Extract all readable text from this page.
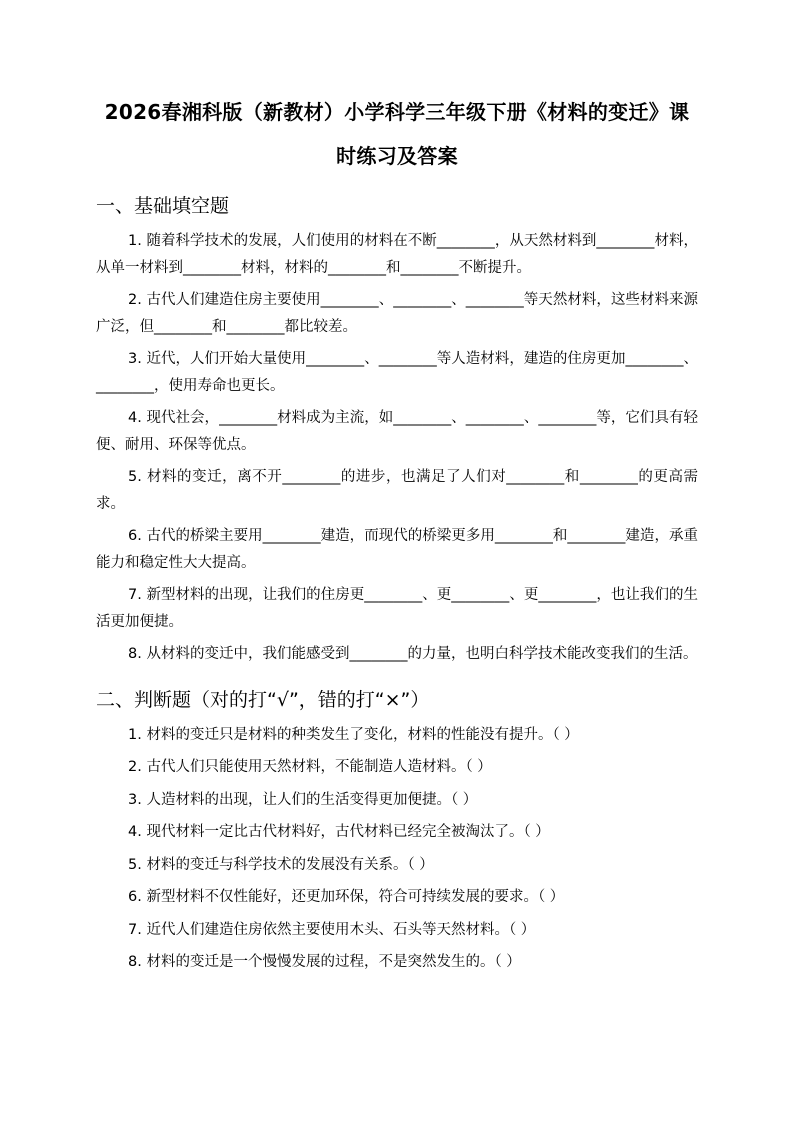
2026春湘科版（新教材）小学科学三年级下册《材料的变迁》课
时练习及答案
一、基础填空题
1. 随着科学技术的发展，人们使用的材料在不断________，从天然材料到________材料，从单一材料到________材料，材料的________和________不断提升。
2. 古代人们建造住房主要使用________、________、________等天然材料，这些材料来源广泛，但________和________都比较差。
3. 近代，人们开始大量使用________、________等人造材料，建造的住房更加________、________，使用寿命也更长。
4. 现代社会，________材料成为主流，如________、________、________等，它们具有轻便、耐用、环保等优点。
5. 材料的变迁，离不开________的进步，也满足了人们对________和________的更高需求。
6. 古代的桥梁主要用________建造，而现代的桥梁更多用________和________建造，承重能力和稳定性大大提高。
7. 新型材料的出现，让我们的住房更________、更________、更________，也让我们的生活更加便捷。
8. 从材料的变迁中，我们能感受到________的力量，也明白科学技术能改变我们的生活。
二、判断题（对的打“√”，错的打“×”）
1. 材料的变迁只是材料的种类发生了变化，材料的性能没有提升。（ ）
2. 古代人们只能使用天然材料，不能制造人造材料。（ ）
3. 人造材料的出现，让人们的生活变得更加便捷。（ ）
4. 现代材料一定比古代材料好，古代材料已经完全被淘汰了。（ ）
5. 材料的变迁与科学技术的发展没有关系。（ ）
6. 新型材料不仅性能好，还更加环保，符合可持续发展的要求。（ ）
7. 近代人们建造住房依然主要使用木头、石头等天然材料。（ ）
8. 材料的变迁是一个慢慢发展的过程，不是突然发生的。（ ）
